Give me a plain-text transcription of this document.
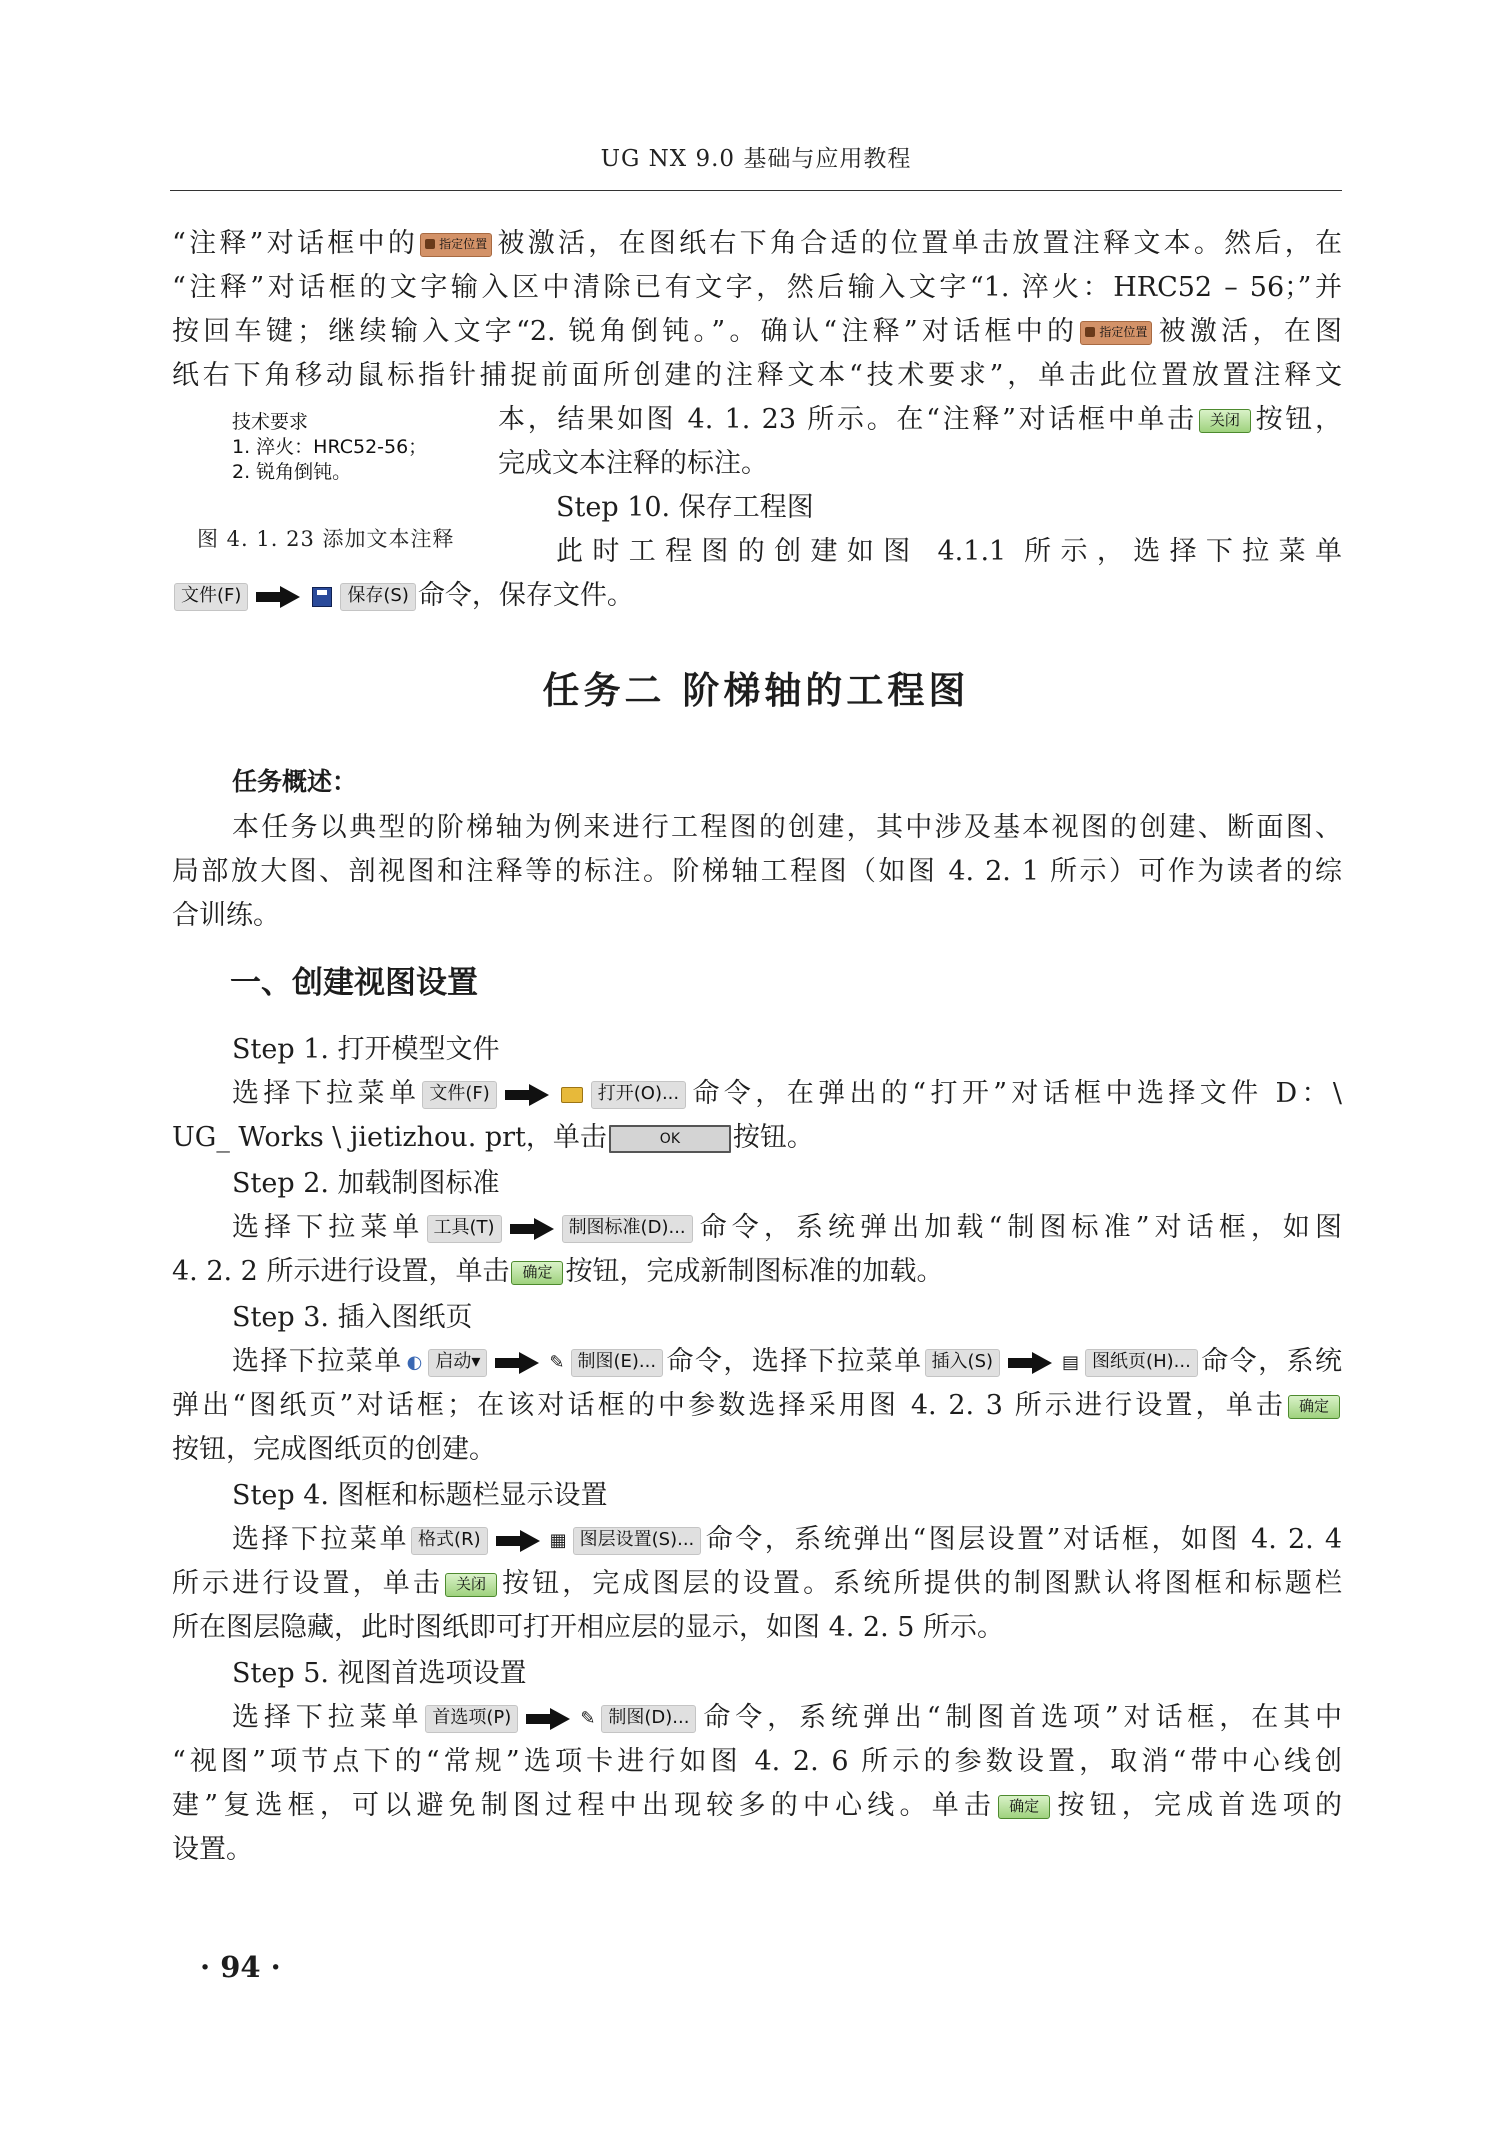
UG NX 9.0 基础与应用教程
“注释”对话框中的 指定位置 被激活，在图纸右下角合适的位置单击放置注释文本。然后，在
“注释”对话框的文字输入区中清除已有文字，然后输入文字“1. 淬火：HRC52 – 56；”并
按回车键；继续输入文字“2. 锐角倒钝。”。确认“注释”对话框中的 指定位置 被激活，在图
纸右下角移动鼠标指针捕捉前面所创建的注释文本“技术要求”，单击此位置放置注释文
本，结果如图 4. 1. 23 所示。在“注释”对话框中单击 关闭 按钮，
完成文本注释的标注。
技术要求
1. 淬火：HRC52-56；
2. 锐角倒钝。
图 4. 1. 23 添加文本注释
Step 10. 保存工程图
此时工程图的创建如图 4.1.1 所示，选择下拉菜单
文件(F)	保存(S) 命令，保存文件。
任务二 阶梯轴的工程图
任务概述：
本任务以典型的阶梯轴为例来进行工程图的创建，其中涉及基本视图的创建、断面图、
局部放大图、剖视图和注释等的标注。阶梯轴工程图（如图 4. 2. 1 所示）可作为读者的综
合训练。
一、创建视图设置
Step 1. 打开模型文件
选择下拉菜单 文件(F)	打开(O)... 命令，在弹出的“打开”对话框中选择文件 D：\
UG_ Works \ jietizhou. prt，单击	OK 按钮。
Step 2. 加载制图标准
选择下拉菜单 工具(T)	制图标准(D)... 命令，系统弹出加载“制图标准”对话框，如图
4. 2. 2 所示进行设置，单击 确定 按钮，完成新制图标准的加载。
Step 3. 插入图纸页
选择下拉菜单 ◐ 启动▾	✎ 制图(E)... 命令，选择下拉菜单 插入(S)	▤ 图纸页(H)... 命令，系统
弹出“图纸页”对话框；在该对话框的中参数选择采用图 4. 2. 3 所示进行设置，单击 确定
按钮，完成图纸页的创建。
Step 4. 图框和标题栏显示设置
选择下拉菜单 格式(R)	▦ 图层设置(S)... 命令，系统弹出“图层设置”对话框，如图 4. 2. 4
所示进行设置，单击 关闭 按钮，完成图层的设置。系统所提供的制图默认将图框和标题栏
所在图层隐藏，此时图纸即可打开相应层的显示，如图 4. 2. 5 所示。
Step 5. 视图首选项设置
选择下拉菜单 首选项(P)	✎ 制图(D)... 命令，系统弹出“制图首选项”对话框，在其中
“视图”项节点下的“常规”选项卡进行如图 4. 2. 6 所示的参数设置，取消“带中心线创
建”复选框，可以避免制图过程中出现较多的中心线。单击 确定 按钮，完成首选项的
设置。
· 94 ·
